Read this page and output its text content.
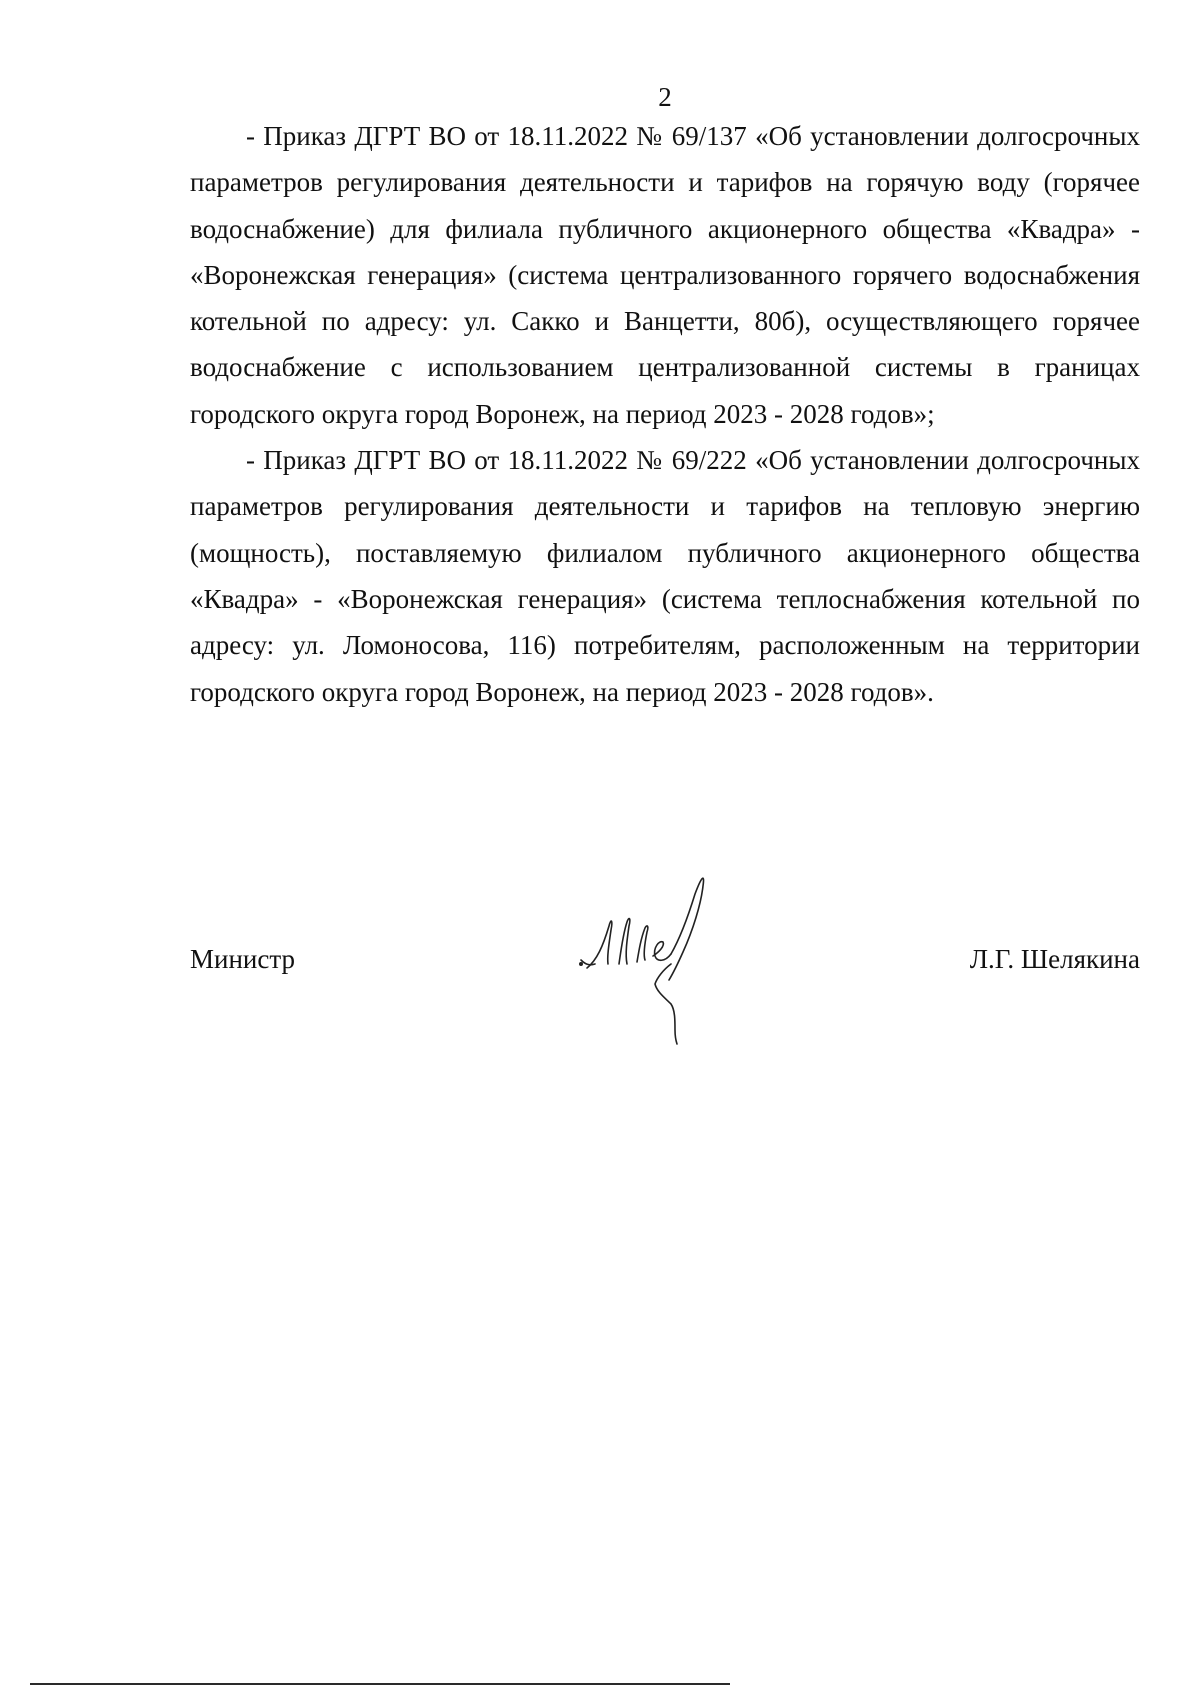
2

- Приказ ДГРТ ВО от 18.11.2022 № 69/137 «Об установлении долгосрочных параметров регулирования деятельности и тарифов на горячую воду (горячее водоснабжение) для филиала публичного акционерного общества «Квадра» - «Воронежская генерация» (система централизованного горячего водоснабжения котельной по адресу: ул. Сакко и Ванцетти, 80б), осуществляющего горячее водоснабжение с использованием централизованной системы в границах городского округа город Воронеж, на период 2023 - 2028 годов»;

- Приказ ДГРТ ВО от 18.11.2022 № 69/222 «Об установлении долгосрочных параметров регулирования деятельности и тарифов на тепловую энергию (мощность), поставляемую филиалом публичного акционерного общества «Квадра» - «Воронежская генерация» (система теплоснабжения котельной по адресу: ул. Ломоносова, 116) потребителям, расположенным на территории городского округа город Воронеж, на период 2023 - 2028 годов».

Министр	Л.Г. Шелякина
